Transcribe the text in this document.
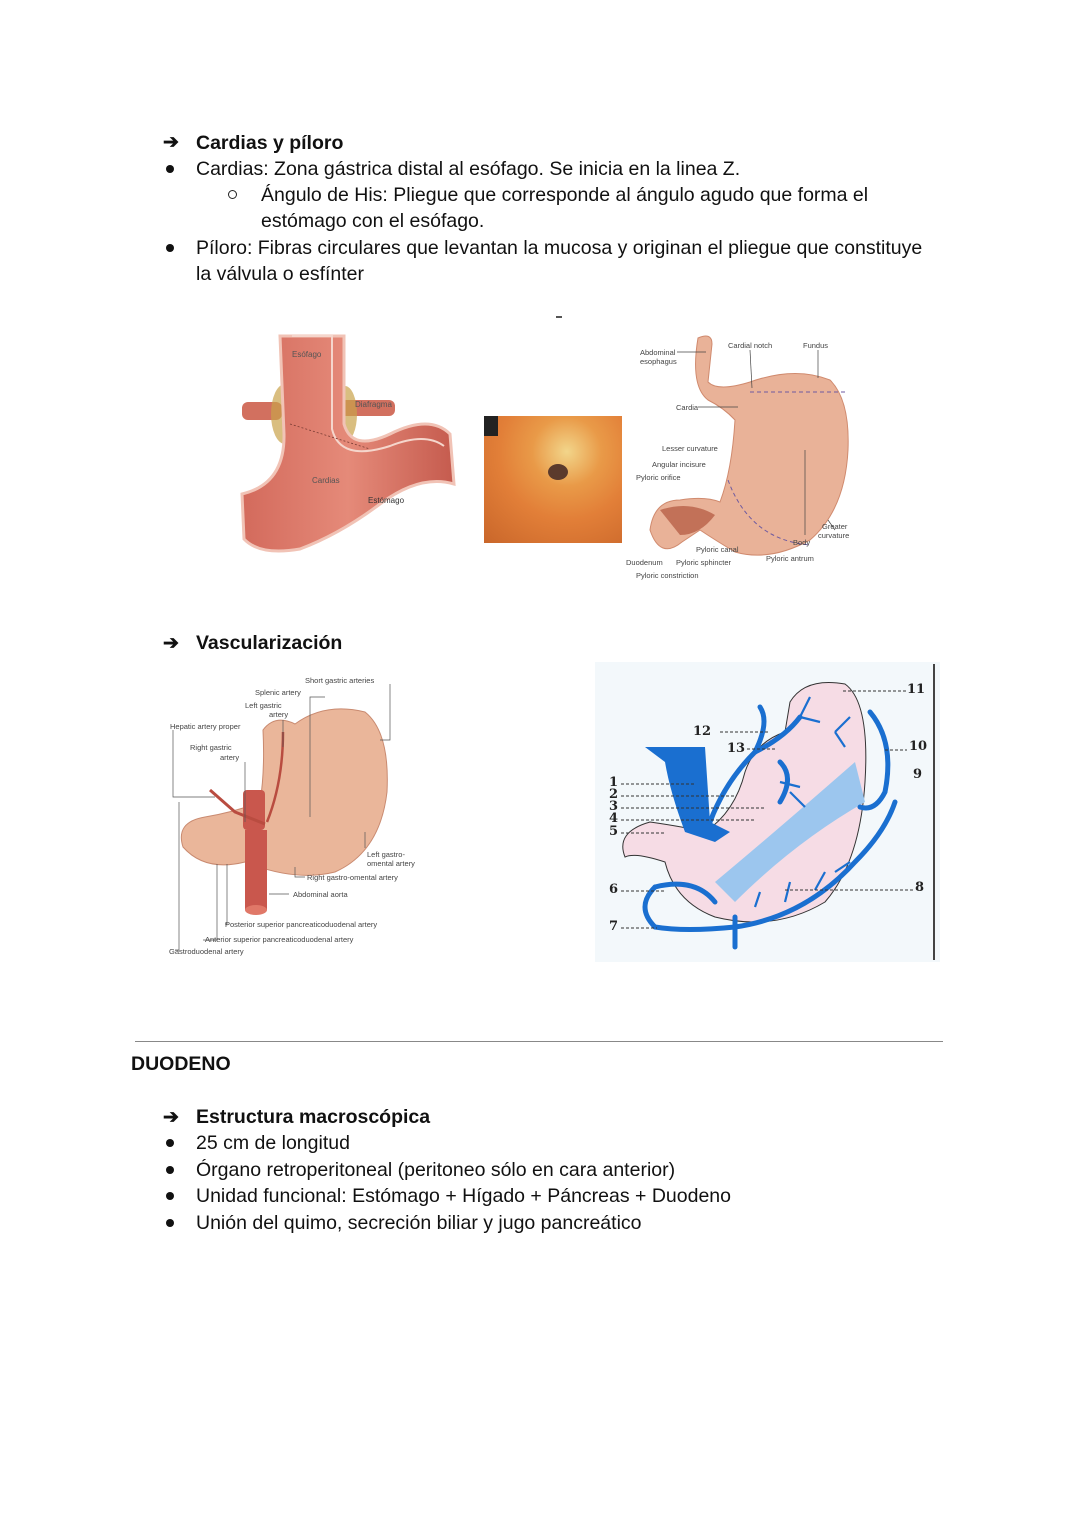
➔ Cardias y píloro
Cardias: Zona gástrica distal al esófago. Se inicia en la linea Z.
Ángulo de His: Pliegue que corresponde al ángulo agudo que forma el
estómago con el esófago.
Píloro: Fibras circulares que levantan la mucosa y originan el pliegue que constituye
la válvula o esfínter
Esófago
Diafragma
Cardias
Estómago
Abdominal
esophagus
Cardial notch	Fundus
Cardia
Lesser curvature
Angular incisure
Pyloric orifice
Greater
curvature
Body
Pyloric canal
Pyloric antrum
Duodenum Pyloric sphincter
Pyloric constriction
➔ Vascularización
Short gastric arteries
Splenic artery
Left gastric
artery
Hepatic artery proper
Right gastric
artery
Left gastro-
omental artery
Right gastro-omental artery
Abdominal aorta
Posterior superior pancreaticoduodenal artery
Anterior superior pancreaticoduodenal artery
Gastroduodenal artery
1
2
3
4
5
6
7
8
9
10
11
12
13
DUODENO
➔ Estructura macroscópica
25 cm de longitud
Órgano retroperitoneal (peritoneo sólo en cara anterior)
Unidad funcional: Estómago + Hígado + Páncreas + Duodeno
Unión del quimo, secreción biliar y jugo pancreático
